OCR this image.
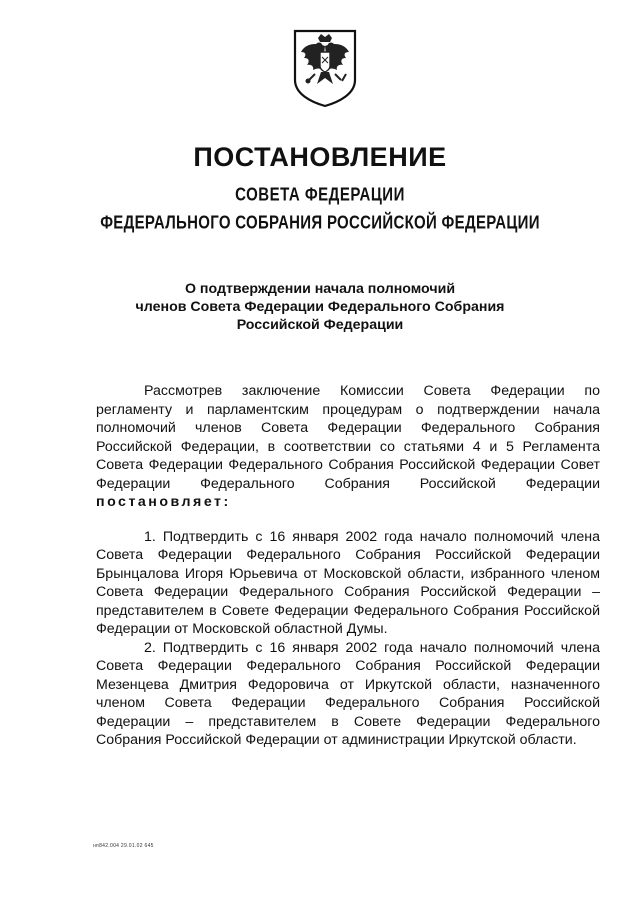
ПОСТАНОВЛЕНИЕ
СОВЕТА ФЕДЕРАЦИИ
ФЕДЕРАЛЬНОГО СОБРАНИЯ РОССИЙСКОЙ ФЕДЕРАЦИИ
О подтверждении начала полномочий
членов Совета Федерации Федерального Собрания
Российской Федерации

Рассмотрев заключение Комиссии Совета Федерации по регламенту и парламентским процедурам о подтверждении начала полномочий членов Совета Федерации Федерального Собрания Российской Федерации, в соответствии со статьями 4 и 5 Регламента Совета Федерации Федерального Собрания Российской Федерации Совет Федерации Федерального Собрания Российской Федерации постановляет:

1. Подтвердить с 16 января 2002 года начало полномочий члена Совета Федерации Федерального Собрания Российской Федерации Брынцалова Игоря Юрьевича от Московской области, избранного членом Совета Федерации Федерального Собрания Российской Федерации – представителем в Совете Федерации Федерального Собрания Российской Федерации от Московской областной Думы.

2. Подтвердить с 16 января 2002 года начало полномочий члена Совета Федерации Федерального Собрания Российской Федерации Мезенцева Дмитрия Федоровича от Иркутской области, назначенного членом Совета Федерации Федерального Собрания Российской Федерации – представителем в Совете Федерации Федерального Собрания Российской Федерации от администрации Иркутской области.

нп842.004 29.01.02 645
